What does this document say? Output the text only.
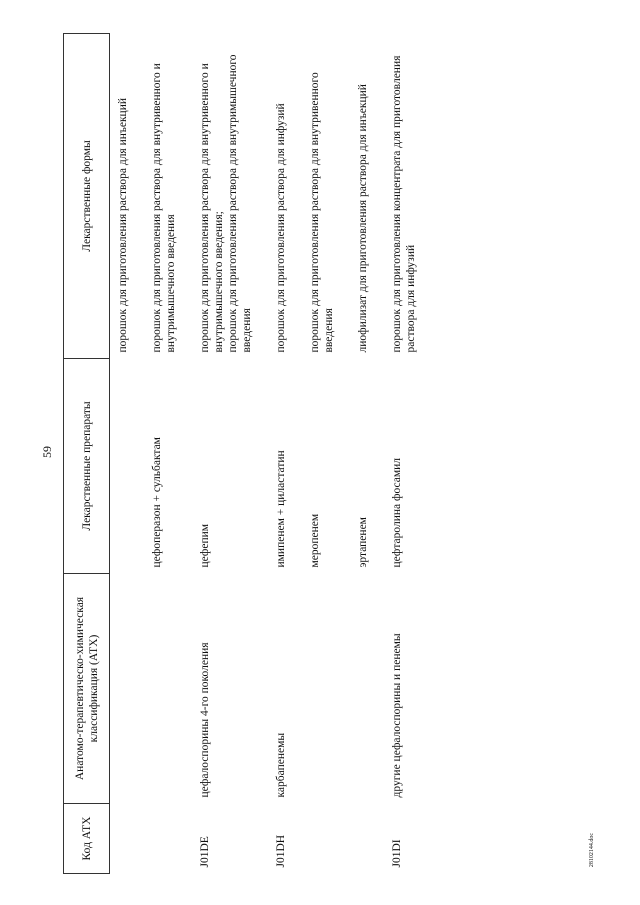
59
Код АТХ	Анатомо-терапевтическо-химическая классификация (АТХ)	Лекарственные препараты	Лекарственные формы

			порошок для приготовления раствора для инъекций

		цефоперазон + сульбактам	порошок для приготовления раствора для внутривенного и внутримышечного введения

J01DE	цефалоспорины 4-го поколения	цефепим	порошок для приготовления раствора для внутривенного и внутримышечного введения; порошок для приготовления раствора для внутримышечного введения

J01DH	карбапенемы	имипенем + циластатин	порошок для приготовления раствора для инфузий

		меропенем	порошок для приготовления раствора для внутривенного введения

		эртапенем	лиофилизат для приготовления раствора для инъекций

J01DI	другие цефалоспорины и пенемы	цефтаролина фосамил	порошок для приготовления концентрата для приготовления раствора для инфузий
28102144.doc
